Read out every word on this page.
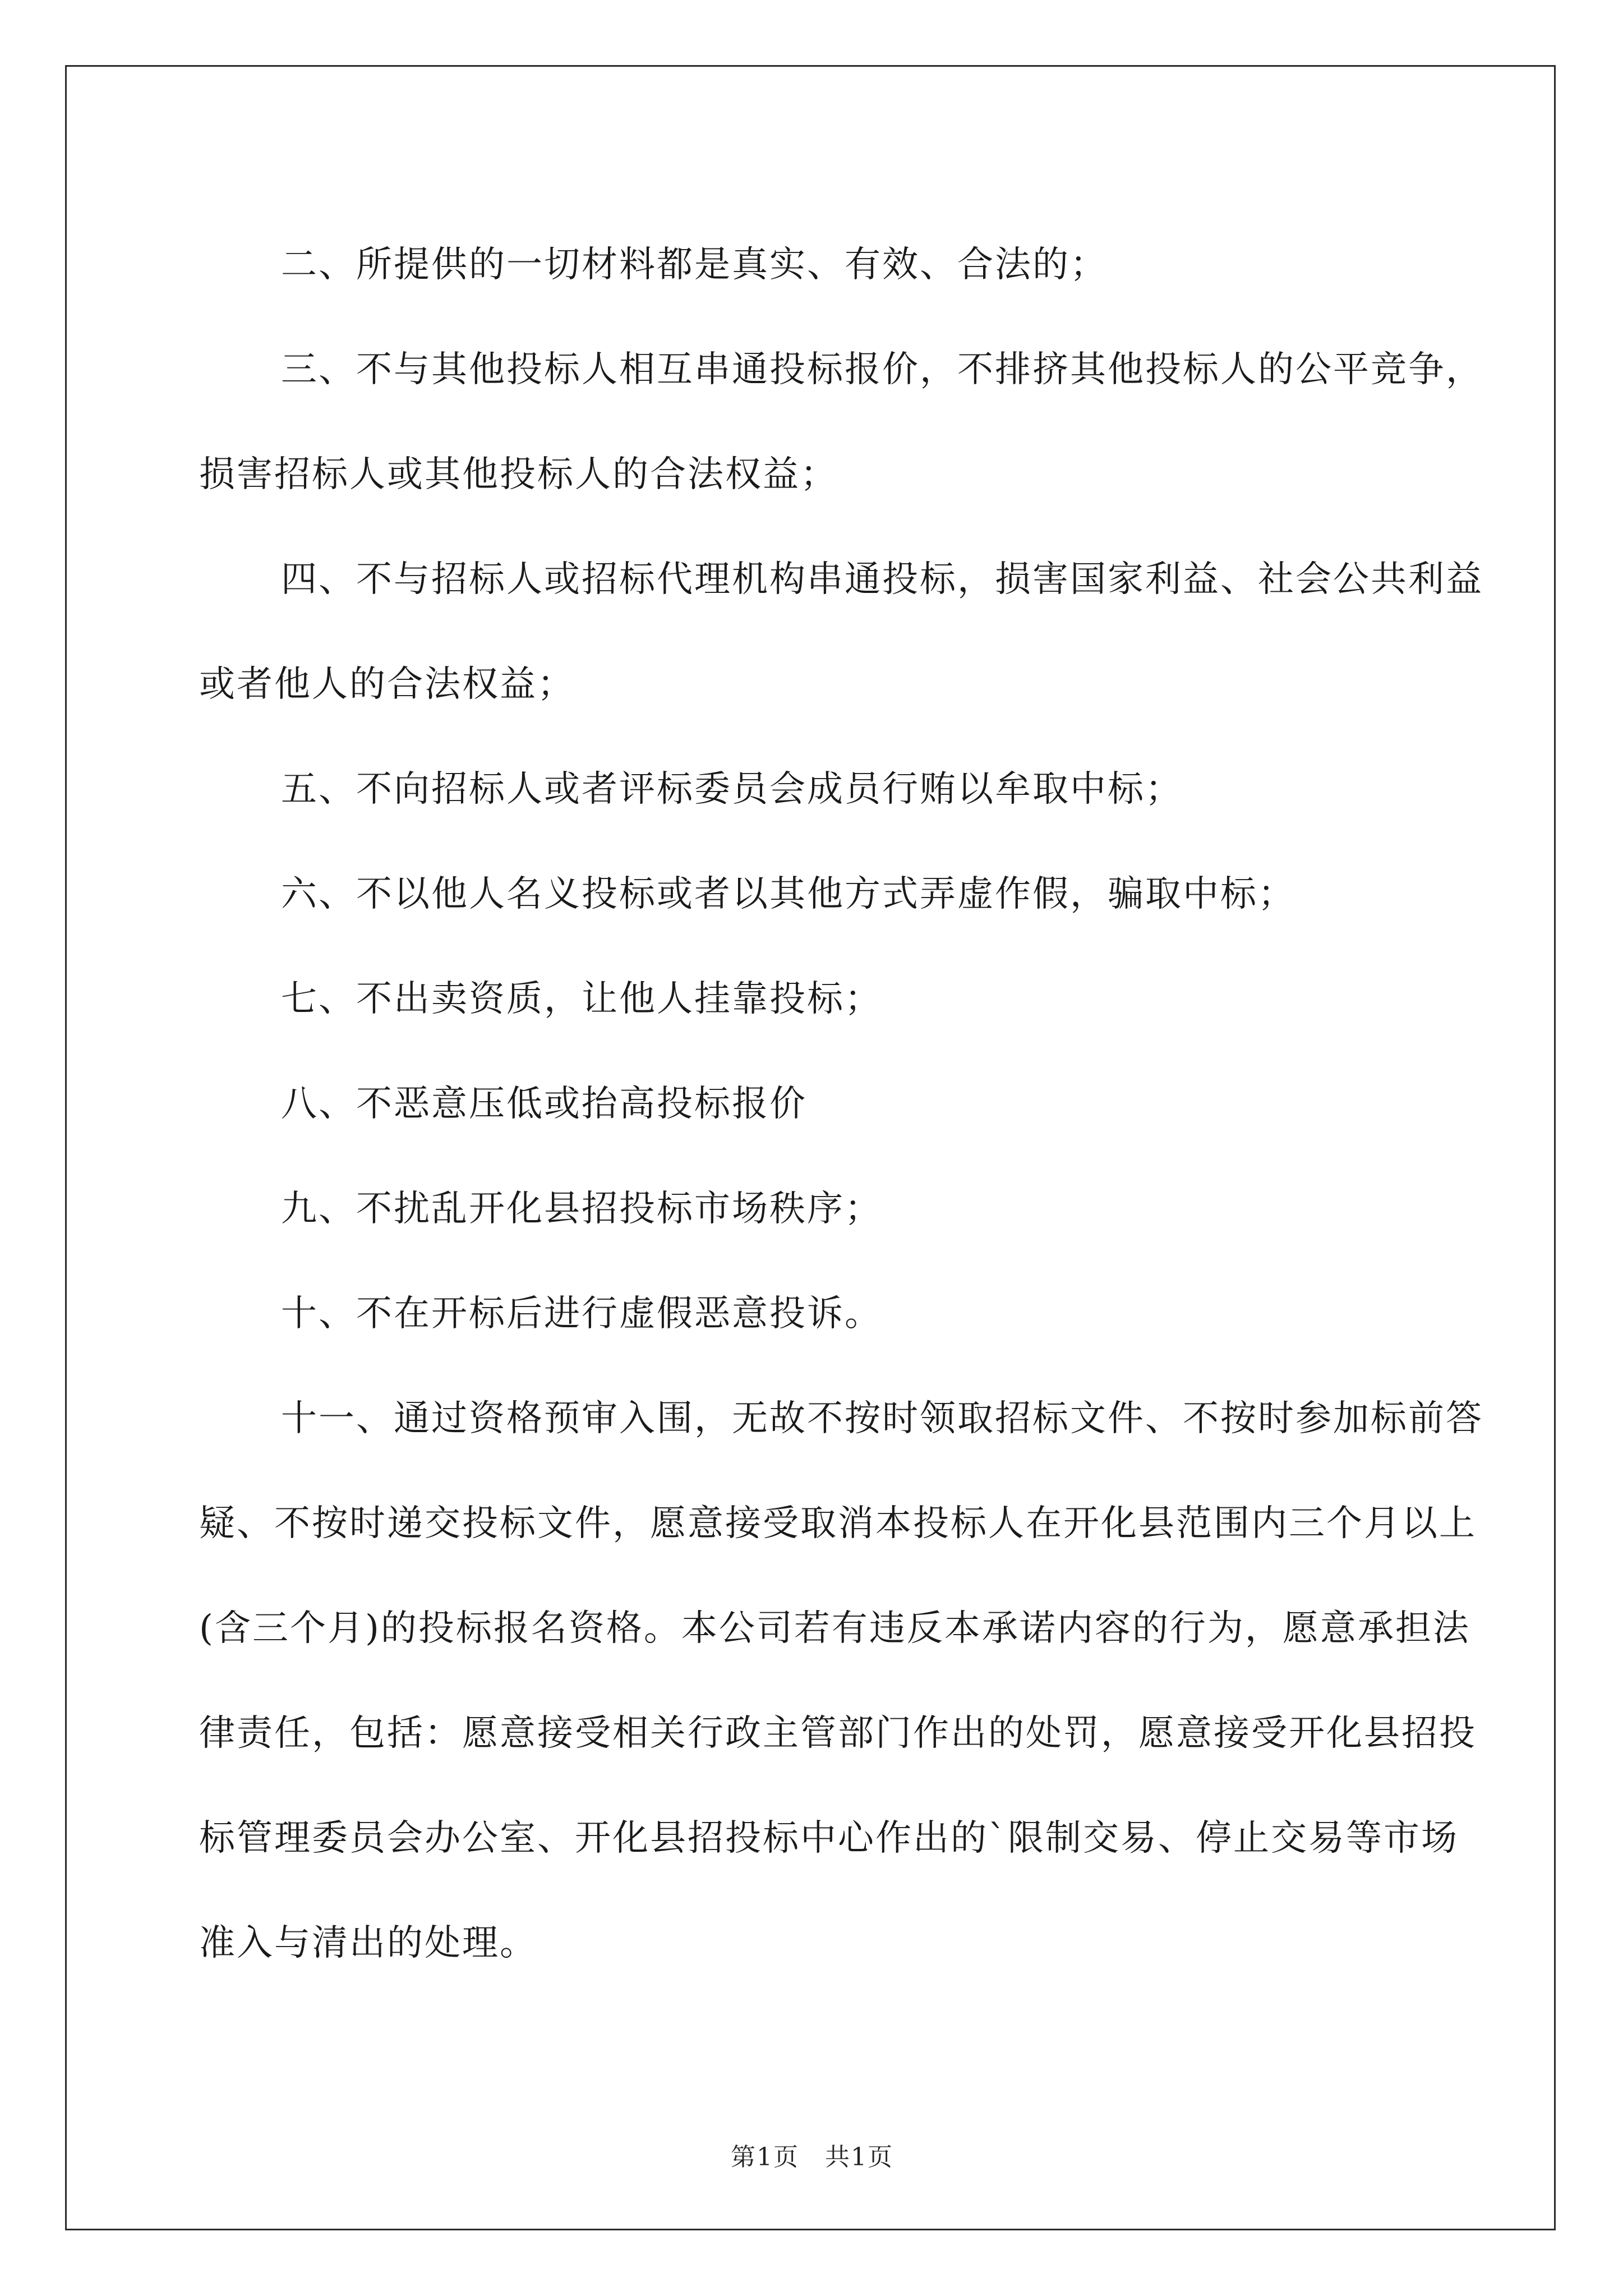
二、所提供的一切材料都是真实、有效、合法的；

三、不与其他投标人相互串通投标报价，不排挤其他投标人的公平竞争，损害招标人或其他投标人的合法权益；

四、不与招标人或招标代理机构串通投标，损害国家利益、社会公共利益或者他人的合法权益；

五、不向招标人或者评标委员会成员行贿以牟取中标；

六、不以他人名义投标或者以其他方式弄虚作假，骗取中标；

七、不出卖资质，让他人挂靠投标；

八、不恶意压低或抬高投标报价

九、不扰乱开化县招投标市场秩序；

十、不在开标后进行虚假恶意投诉。

十一、通过资格预审入围，无故不按时领取招标文件、不按时参加标前答疑、不按时递交投标文件，愿意接受取消本投标人在开化县范围内三个月以上(含三个月)的投标报名资格。本公司若有违反本承诺内容的行为，愿意承担法律责任，包括：愿意接受相关行政主管部门作出的处罚，愿意接受开化县招投标管理委员会办公室、开化县招投标中心作出的`限制交易、停止交易等市场准入与清出的处理。

第1页　共1页
